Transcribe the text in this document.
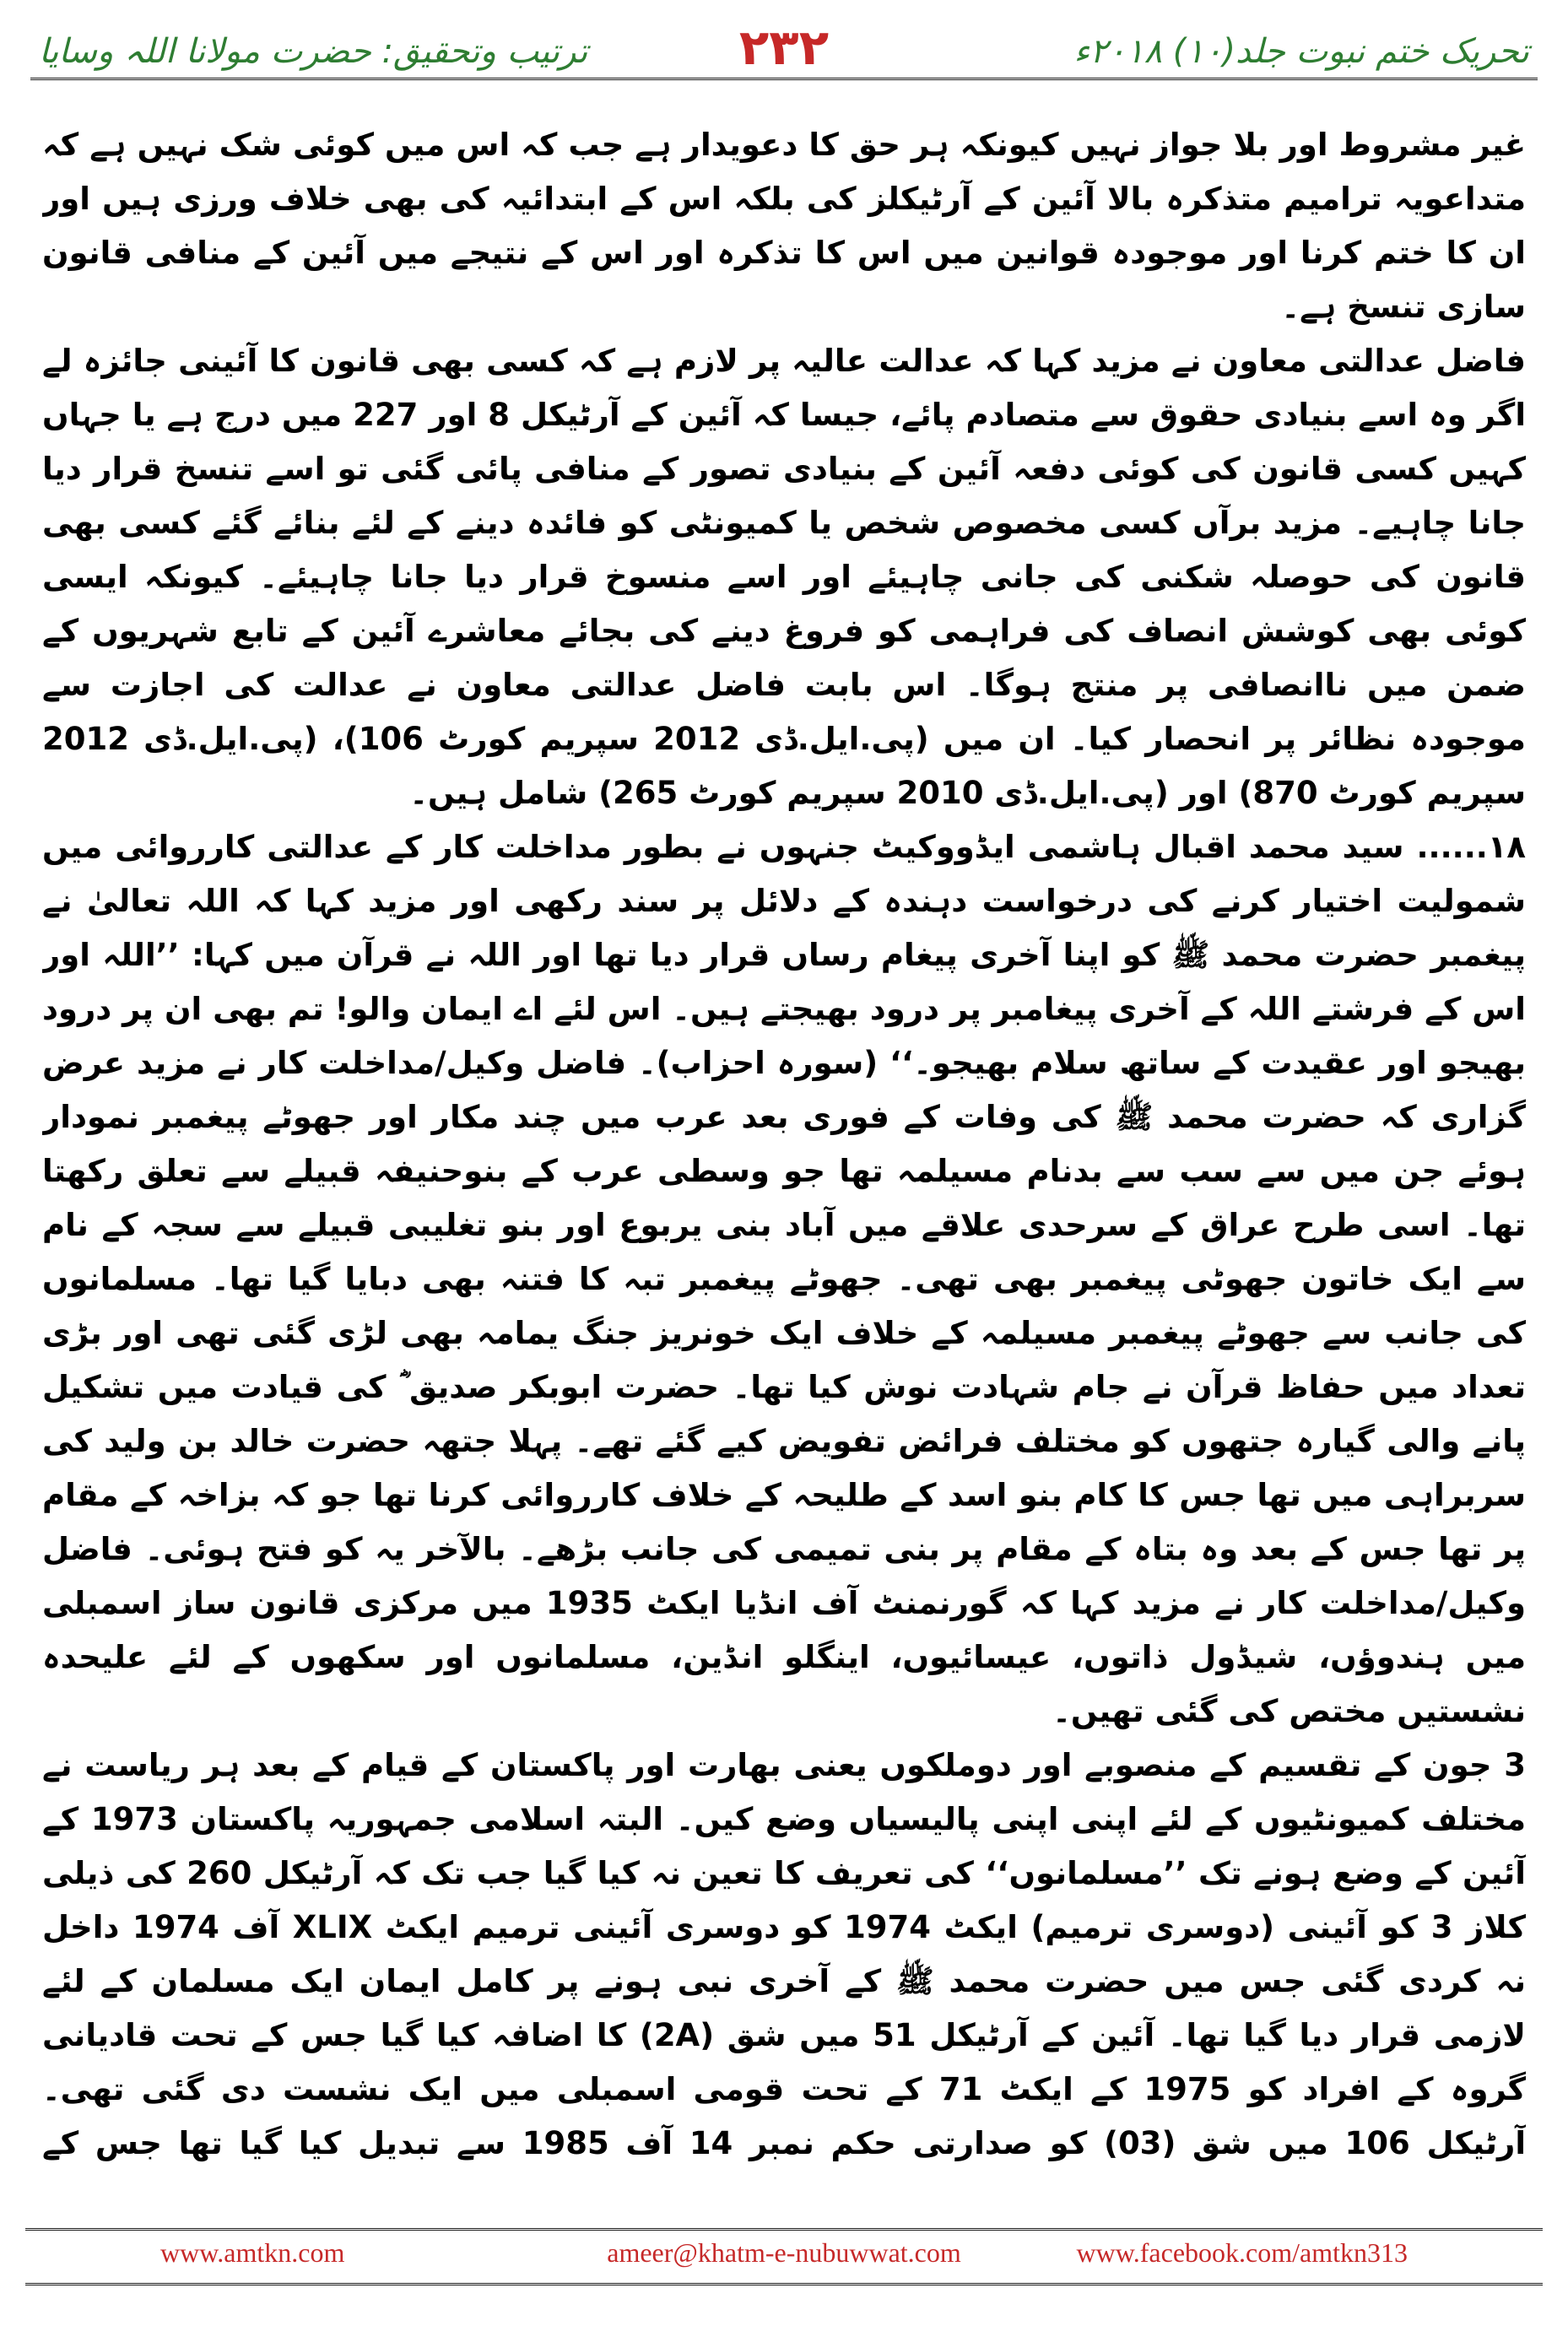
ترتیب وتحقیق: حضرت مولانا اللہ وسایا	۲۳۲	تحریک ختم نبوت جلد(۱۰) ۲۰۱۸ء

غیر مشروط اور بلا جواز نہیں کیونکہ ہر حق کا دعویدار ہے جب کہ اس میں کوئی شک نہیں ہے کہ متداعویہ ترامیم متذکرہ بالا آئین کے آرٹیکلز کی بلکہ اس کے ابتدائیہ کی بھی خلاف ورزی ہیں اور ان کا ختم کرنا اور موجودہ قوانین میں اس کا تذکرہ اور اس کے نتیجے میں آئین کے منافی قانون سازی تنسخ ہے۔

فاضل عدالتی معاون نے مزید کہا کہ عدالت عالیہ پر لازم ہے کہ کسی بھی قانون کا آئینی جائزہ لے اگر وہ اسے بنیادی حقوق سے متصادم پائے، جیسا کہ آئین کے آرٹیکل 8 اور 227 میں درج ہے یا جہاں کہیں کسی قانون کی کوئی دفعہ آئین کے بنیادی تصور کے منافی پائی گئی تو اسے تنسخ قرار دیا جانا چاہیے۔ مزید برآں کسی مخصوص شخص یا کمیونٹی کو فائدہ دینے کے لئے بنائے گئے کسی بھی قانون کی حوصلہ شکنی کی جانی چاہیئے اور اسے منسوخ قرار دیا جانا چاہیئے۔ کیونکہ ایسی کوئی بھی کوشش انصاف کی فراہمی کو فروغ دینے کی بجائے معاشرے آئین کے تابع شہریوں کے ضمن میں ناانصافی پر منتج ہوگا۔ اس بابت فاضل عدالتی معاون نے عدالت کی اجازت سے موجودہ نظائر پر انحصار کیا۔ ان میں (پی.ایل.ڈی 2012 سپریم کورٹ 106)، (پی.ایل.ڈی 2012 سپریم کورٹ 870) اور (پی.ایل.ڈی 2010 سپریم کورٹ 265) شامل ہیں۔

۱۸...... سید محمد اقبال ہاشمی ایڈووکیٹ جنہوں نے بطور مداخلت کار کے عدالتی کارروائی میں شمولیت اختیار کرنے کی درخواست دہندہ کے دلائل پر سند رکھی اور مزید کہا کہ اللہ تعالیٰ نے پیغمبر حضرت محمد ﷺ کو اپنا آخری پیغام رساں قرار دیا تھا اور اللہ نے قرآن میں کہا: ’’اللہ اور اس کے فرشتے اللہ کے آخری پیغامبر پر درود بھیجتے ہیں۔ اس لئے اے ایمان والو! تم بھی ان پر درود بھیجو اور عقیدت کے ساتھ سلام بھیجو۔‘‘ (سورہ احزاب)۔ فاضل وکیل/مداخلت کار نے مزید عرض گزاری کہ حضرت محمد ﷺ کی وفات کے فوری بعد عرب میں چند مکار اور جھوٹے پیغمبر نمودار ہوئے جن میں سے سب سے بدنام مسیلمہ تھا جو وسطی عرب کے بنوحنیفہ قبیلے سے تعلق رکھتا تھا۔ اسی طرح عراق کے سرحدی علاقے میں آباد بنی یربوع اور بنو تغلیبی قبیلے سے سجہ کے نام سے ایک خاتون جھوٹی پیغمبر بھی تھی۔ جھوٹے پیغمبر تبہ کا فتنہ بھی دبایا گیا تھا۔ مسلمانوں کی جانب سے جھوٹے پیغمبر مسیلمہ کے خلاف ایک خونریز جنگ یمامہ بھی لڑی گئی تھی اور بڑی تعداد میں حفاظ قرآن نے جام شہادت نوش کیا تھا۔ حضرت ابوبکر صدیق ؓ کی قیادت میں تشکیل پانے والی گیارہ جتھوں کو مختلف فرائض تفویض کیے گئے تھے۔ پہلا جتھہ حضرت خالد بن ولید کی سربراہی میں تھا جس کا کام بنو اسد کے طلیحہ کے خلاف کارروائی کرنا تھا جو کہ بزاخہ کے مقام پر تھا جس کے بعد وہ بتاہ کے مقام پر بنی تمیمی کی جانب بڑھے۔ بالآخر یہ کو فتح ہوئی۔ فاضل وکیل/مداخلت کار نے مزید کہا کہ گورنمنٹ آف انڈیا ایکٹ 1935 میں مرکزی قانون ساز اسمبلی میں ہندوؤں، شیڈول ذاتوں، عیسائیوں، اینگلو انڈین، مسلمانوں اور سکھوں کے لئے علیحدہ نشستیں مختص کی گئی تھیں۔

3 جون کے تقسیم کے منصوبے اور دوملکوں یعنی بھارت اور پاکستان کے قیام کے بعد ہر ریاست نے مختلف کمیونٹیوں کے لئے اپنی اپنی پالیسیاں وضع کیں۔ البتہ اسلامی جمہوریہ پاکستان 1973 کے آئین کے وضع ہونے تک ’’مسلمانوں‘‘ کی تعریف کا تعین نہ کیا گیا جب تک کہ آرٹیکل 260 کی ذیلی کلاز 3 کو آئینی (دوسری ترمیم) ایکٹ 1974 کو دوسری آئینی ترمیم ایکٹ XLIX آف 1974 داخل نہ کردی گئی جس میں حضرت محمد ﷺ کے آخری نبی ہونے پر کامل ایمان ایک مسلمان کے لئے لازمی قرار دیا گیا تھا۔ آئین کے آرٹیکل 51 میں شق (2A) کا اضافہ کیا گیا جس کے تحت قادیانی گروہ کے افراد کو 1975 کے ایکٹ 71 کے تحت قومی اسمبلی میں ایک نشست دی گئی تھی۔ آرٹیکل 106 میں شق (03) کو صدارتی حکم نمبر 14 آف 1985 سے تبدیل کیا گیا تھا جس کے

www.amtkn.com	ameer@khatm-e-nubuwwat.com	www.facebook.com/amtkn313
